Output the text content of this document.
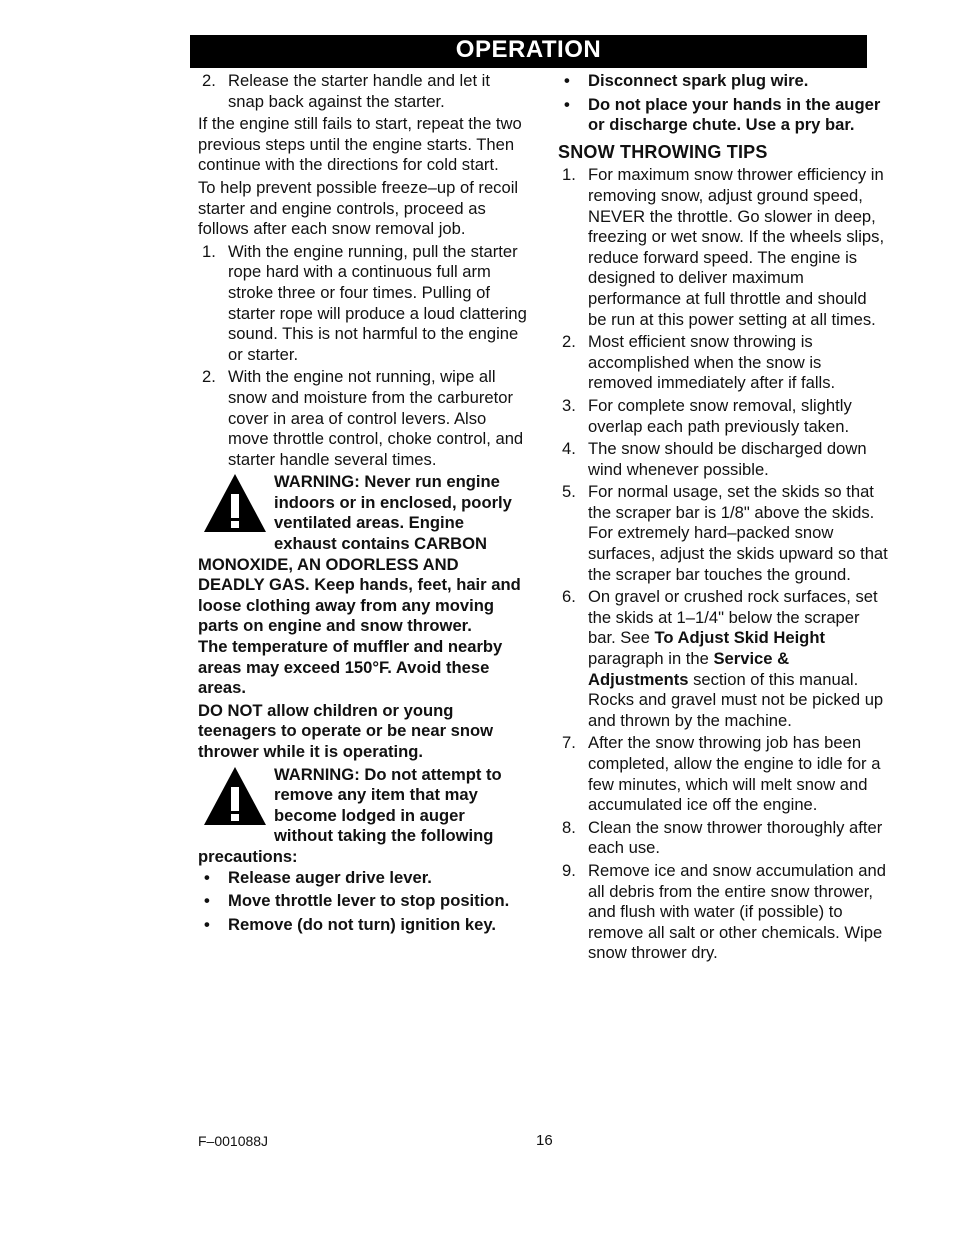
OPERATION
2. Release the starter handle and let it snap back against the starter.

If the engine still fails to start, repeat the two previous steps until the engine starts. Then continue with the directions for cold start.

To help prevent possible freeze–up of recoil starter and engine controls, proceed as follows after each snow removal job.

1. With the engine running, pull the starter rope hard with a continuous full arm stroke three or four times. Pulling of starter rope will produce a loud clattering sound. This is not harmful to the engine or starter.
2. With the engine not running, wipe all snow and moisture from the carburetor cover in area of control levers. Also move throttle control, choke control, and starter handle several times.
WARNING: Never run engine indoors or in enclosed, poorly ventilated areas. Engine exhaust contains CARBON MONOXIDE, AN ODORLESS AND DEADLY GAS. Keep hands, feet, hair and loose clothing away from any moving parts on engine and snow thrower.

The temperature of muffler and nearby areas may exceed 150°F. Avoid these areas.

DO NOT allow children or young teenagers to operate or be near snow thrower while it is operating.

WARNING: Do not attempt to remove any item that may become lodged in auger without taking the following precautions:
• Release auger drive lever.
• Move throttle lever to stop position.
• Remove (do not turn) ignition key.
• Disconnect spark plug wire.
• Do not place your hands in the auger or discharge chute. Use a pry bar.
SNOW THROWING TIPS
1. For maximum snow thrower efficiency in removing snow, adjust ground speed, NEVER the throttle. Go slower in deep, freezing or wet snow. If the wheels slips, reduce forward speed. The engine is designed to deliver maximum performance at full throttle and should be run at this power setting at all times.
2. Most efficient snow throwing is accomplished when the snow is removed immediately after if falls.
3. For complete snow removal, slightly overlap each path previously taken.
4. The snow should be discharged down wind whenever possible.
5. For normal usage, set the skids so that the scraper bar is 1/8" above the skids. For extremely hard–packed snow surfaces, adjust the skids upward so that the scraper bar touches the ground.
6. On gravel or crushed rock surfaces, set the skids at 1–1/4" below the scraper bar. See To Adjust Skid Height paragraph in the Service & Adjustments section of this manual. Rocks and gravel must not be picked up and thrown by the machine.
7. After the snow throwing job has been completed, allow the engine to idle for a few minutes, which will melt snow and accumulated ice off the engine.
8. Clean the snow thrower thoroughly after each use.
9. Remove ice and snow accumulation and all debris from the entire snow thrower, and flush with water (if possible) to remove all salt or other chemicals. Wipe snow thrower dry.
F–001088J	16
